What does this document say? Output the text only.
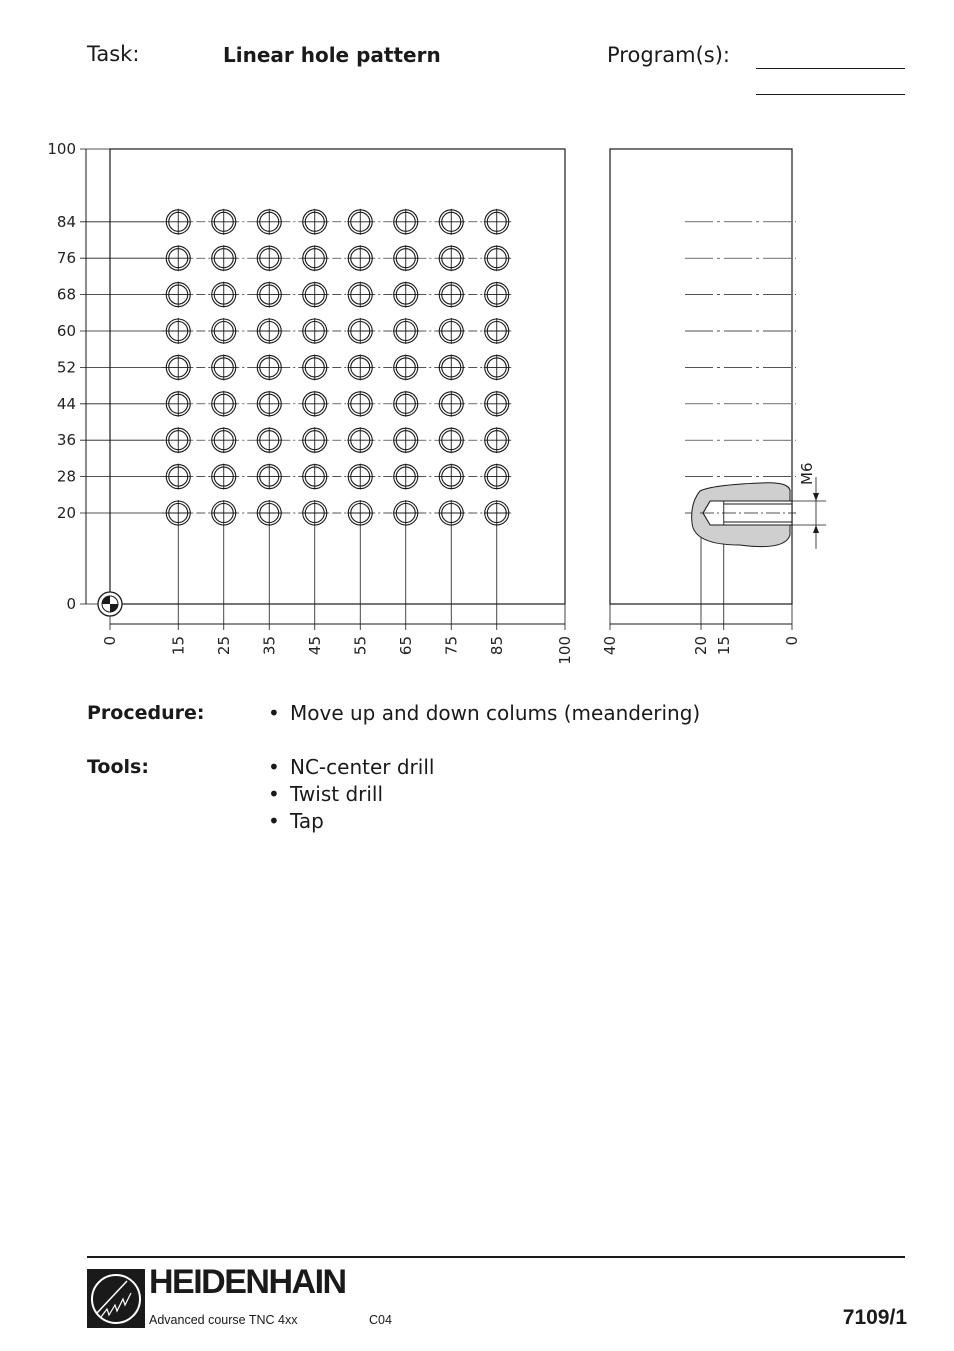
Task:	Linear hole pattern	Program(s):
100
84
76
68
60
52
44
36
28
20
0
0	15 25 35 45 55 65 75 85	100 40	20 15	0
M6
Procedure:	• Move up and down colums (meandering)
Tools:	• NC-center drill
• Twist drill
• Tap
HEIDENHAIN
Advanced course TNC 4xx	C04	7109/1
